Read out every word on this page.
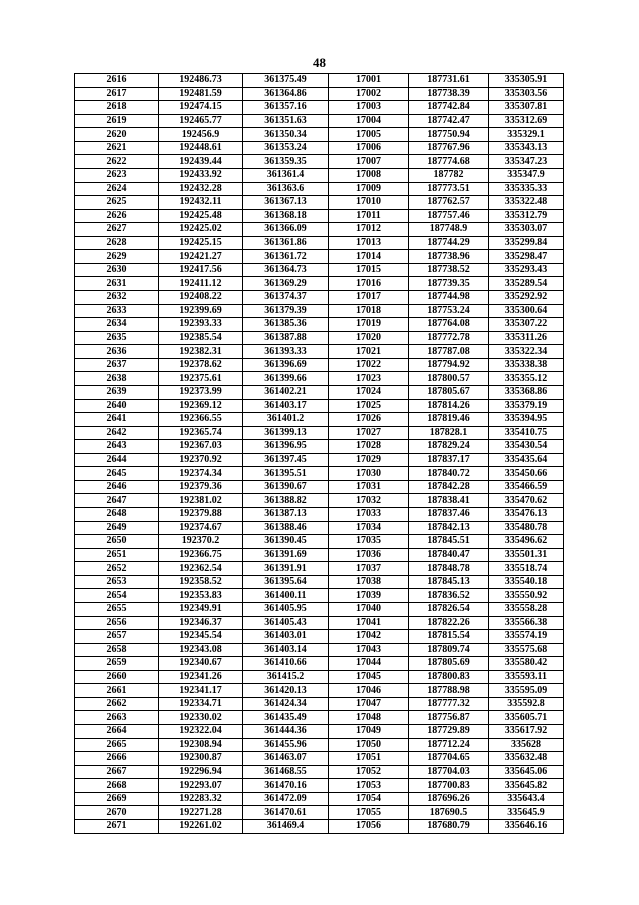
48
2616	192486.73	361375.49	17001	187731.61	335305.91
2617	192481.59	361364.86	17002	187738.39	335303.56
2618	192474.15	361357.16	17003	187742.84	335307.81
2619	192465.77	361351.63	17004	187742.47	335312.69
2620	192456.9	361350.34	17005	187750.94	335329.1
2621	192448.61	361353.24	17006	187767.96	335343.13
2622	192439.44	361359.35	17007	187774.68	335347.23
2623	192433.92	361361.4	17008	187782	335347.9
2624	192432.28	361363.6	17009	187773.51	335335.33
2625	192432.11	361367.13	17010	187762.57	335322.48
2626	192425.48	361368.18	17011	187757.46	335312.79
2627	192425.02	361366.09	17012	187748.9	335303.07
2628	192425.15	361361.86	17013	187744.29	335299.84
2629	192421.27	361361.72	17014	187738.96	335298.47
2630	192417.56	361364.73	17015	187738.52	335293.43
2631	192411.12	361369.29	17016	187739.35	335289.54
2632	192408.22	361374.37	17017	187744.98	335292.92
2633	192399.69	361379.39	17018	187753.24	335300.64
2634	192393.33	361385.36	17019	187764.08	335307.22
2635	192385.54	361387.88	17020	187772.78	335311.26
2636	192382.31	361393.33	17021	187787.08	335322.34
2637	192378.62	361396.69	17022	187794.92	335338.38
2638	192375.61	361399.66	17023	187800.57	335355.12
2639	192373.99	361402.21	17024	187805.67	335368.86
2640	192369.12	361403.17	17025	187814.26	335379.19
2641	192366.55	361401.2	17026	187819.46	335394.95
2642	192365.74	361399.13	17027	187828.1	335410.75
2643	192367.03	361396.95	17028	187829.24	335430.54
2644	192370.92	361397.45	17029	187837.17	335435.64
2645	192374.34	361395.51	17030	187840.72	335450.66
2646	192379.36	361390.67	17031	187842.28	335466.59
2647	192381.02	361388.82	17032	187838.41	335470.62
2648	192379.88	361387.13	17033	187837.46	335476.13
2649	192374.67	361388.46	17034	187842.13	335480.78
2650	192370.2	361390.45	17035	187845.51	335496.62
2651	192366.75	361391.69	17036	187840.47	335501.31
2652	192362.54	361391.91	17037	187848.78	335518.74
2653	192358.52	361395.64	17038	187845.13	335540.18
2654	192353.83	361400.11	17039	187836.52	335550.92
2655	192349.91	361405.95	17040	187826.54	335558.28
2656	192346.37	361405.43	17041	187822.26	335566.38
2657	192345.54	361403.01	17042	187815.54	335574.19
2658	192343.08	361403.14	17043	187809.74	335575.68
2659	192340.67	361410.66	17044	187805.69	335580.42
2660	192341.26	361415.2	17045	187800.83	335593.11
2661	192341.17	361420.13	17046	187788.98	335595.09
2662	192334.71	361424.34	17047	187777.32	335592.8
2663	192330.02	361435.49	17048	187756.87	335605.71
2664	192322.04	361444.36	17049	187729.89	335617.92
2665	192308.94	361455.96	17050	187712.24	335628
2666	192300.87	361463.07	17051	187704.65	335632.48
2667	192296.94	361468.55	17052	187704.03	335645.06
2668	192293.07	361470.16	17053	187700.83	335645.82
2669	192283.32	361472.09	17054	187696.26	335643.4
2670	192271.28	361470.61	17055	187690.5	335645.9
2671	192261.02	361469.4	17056	187680.79	335646.16
